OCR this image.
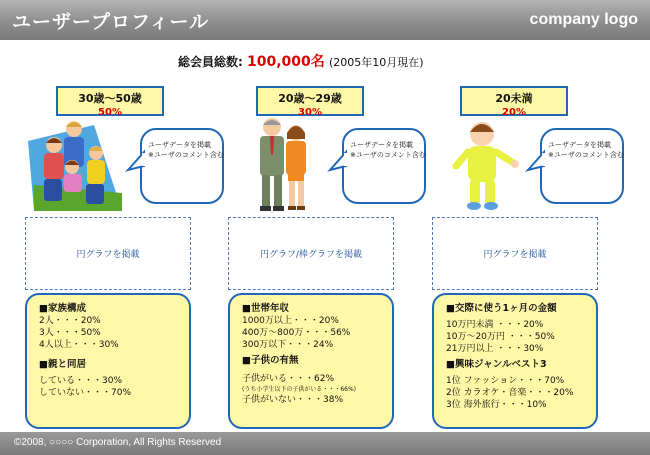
ユーザープロフィール	company logo
総会員総数: 100,000名 (2005年10月現在)
30歳〜50歳
50%
ユーザデータを掲載
※ユーザのコメント含む
円グラフを掲載
■家族構成
2人・・・20%
3人・・・50%
4人以上・・・30%
■親と同居
している・・・30%
していない・・・70%
20歳〜29歳
30%
ユーザデータを掲載
※ユーザのコメント含む
円グラフ/棒グラフを掲載
■世帯年収
1000万以上・・・20%
400万〜800万・・・56%
300万以下・・・24%
■子供の有無
子供がいる・・・62%
(うち小学生以下の子供がいる・・・66%)
子供がいない・・・38%
20未満
20%
ユーザデータを掲載
※ユーザのコメント含む
円グラフを掲載
■交際に使う1ヶ月の金額
10万円未満 ・・・20%
10万〜20万円 ・・・50%
21万円以上 ・・・30%
■興味ジャンルベスト3
1位 ファッション・・・70%
2位 カラオケ・音楽・・・20%
3位 海外旅行・・・10%
©2008, ○○○○ Corporation, All Rights Reserved
